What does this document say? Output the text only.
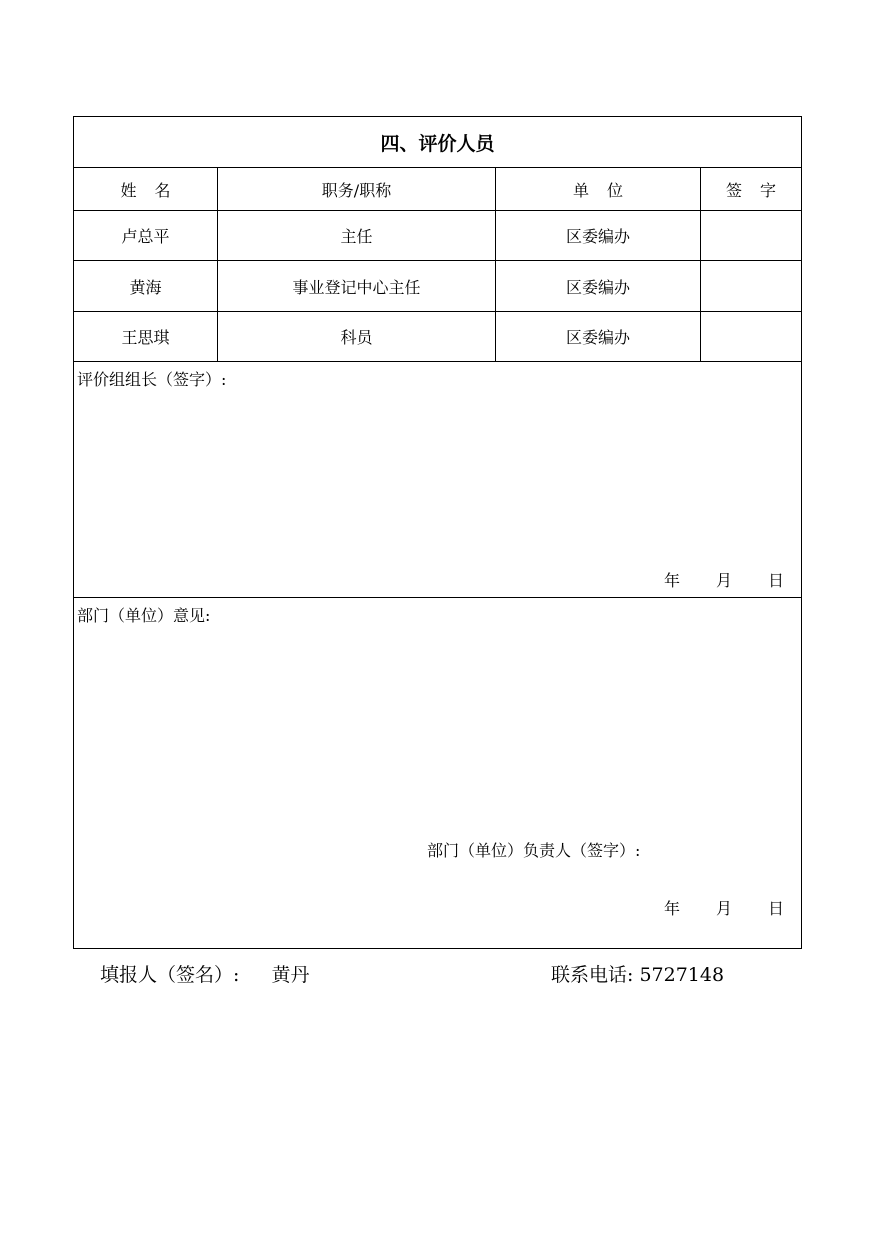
四、评价人员
姓名	职务/职称	单位	签字
卢总平	主任	区委编办
黄海	事业登记中心主任	区委编办
王思琪	科员	区委编办
评价组组长（签字）:
年 月 日
部门（单位）意见:
部门（单位）负责人（签字）:
年 月 日
填报人（签名）: 黄丹	联系电话: 5727148
